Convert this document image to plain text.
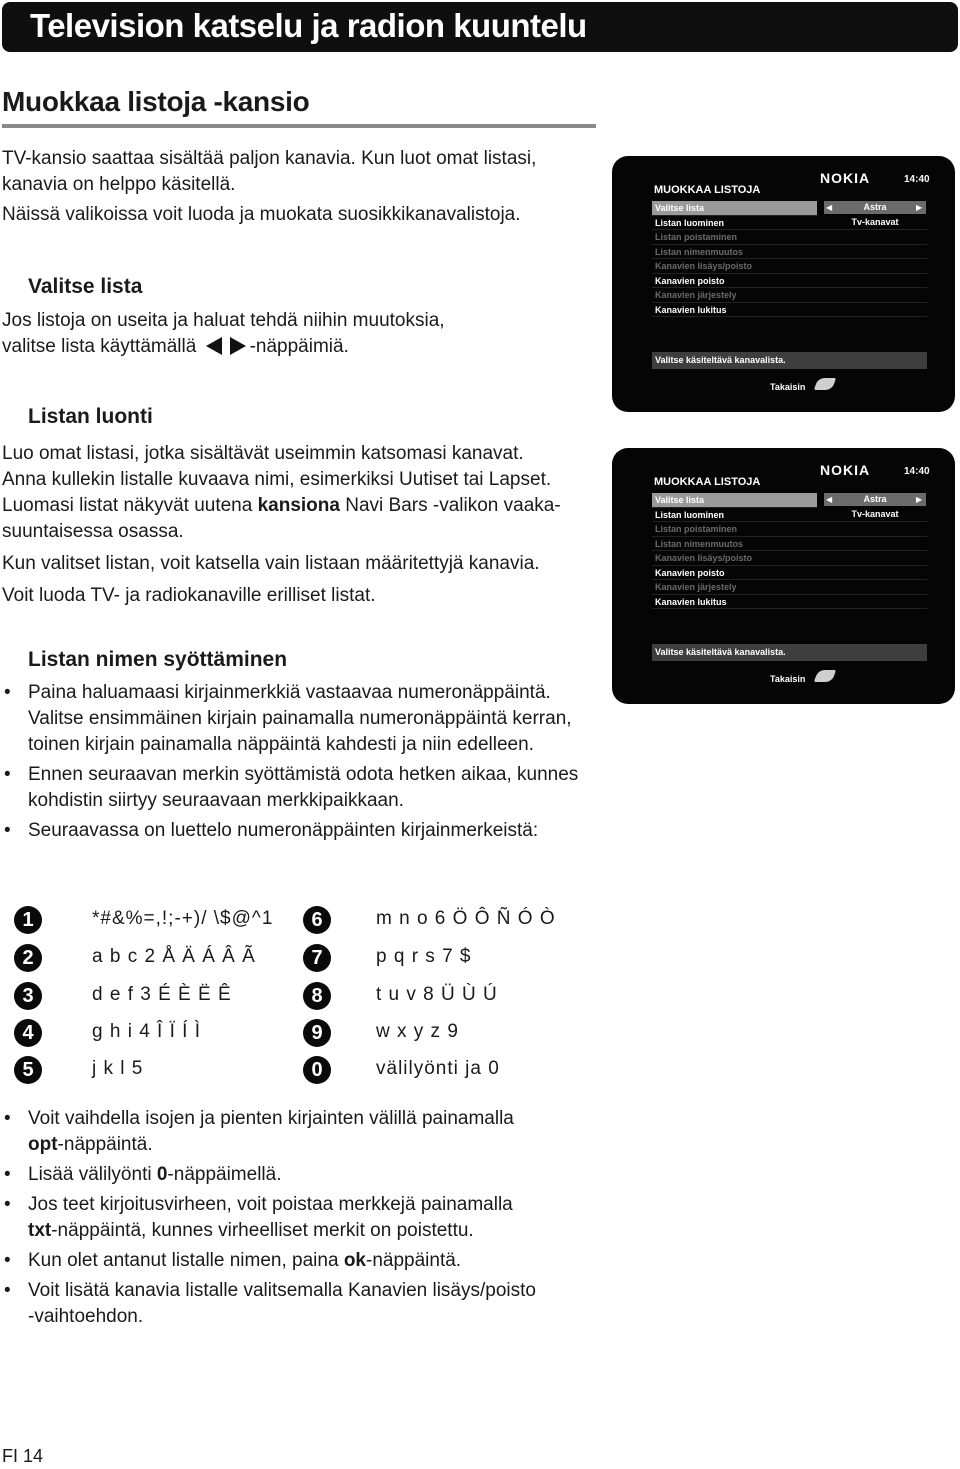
Television katselu ja radion kuuntelu
Muokkaa listoja -kansio
TV-kansio saattaa sisältää paljon kanavia. Kun luot omat listasi,
kanavia on helppo käsitellä.
Näissä valikoissa voit luoda ja muokata suosikkikanavalistoja.
Valitse lista
Jos listoja on useita ja haluat tehdä niihin muutoksia,
valitse lista käyttämällä	-näppäimiä.
Listan luonti
Luo omat listasi, jotka sisältävät useimmin katsomasi kanavat.
Anna kullekin listalle kuvaava nimi, esimerkiksi Uutiset tai Lapset.
Luomasi listat näkyvät uutena kansiona Navi Bars -valikon vaaka-
suuntaisessa osassa.
Kun valitset listan, voit katsella vain listaan määritettyjä kanavia.
Voit luoda TV- ja radiokanaville erilliset listat.
MUOKKAA LISTOJA
NOKIA	14:40
Valitse lista
Listan luominen
Listan poistaminen
Listan nimenmuutos
Kanavien lisäys/poisto
Kanavien poisto
Kanavien järjestely
Kanavien lukitus
Astra
◀	▶
Tv-kanavat
Valitse käsiteltävä kanavalista.
Takaisin
MUOKKAA LISTOJA
NOKIA	14:40
Valitse lista
Listan luominen
Listan poistaminen
Listan nimenmuutos
Kanavien lisäys/poisto
Kanavien poisto
Kanavien järjestely
Kanavien lukitus
Astra
◀	▶
Tv-kanavat
Valitse käsiteltävä kanavalista.
Takaisin
Listan nimen syöttäminen
• Paina haluamaasi kirjainmerkkiä vastaavaa numeronäppäintä. Valitse ensimmäinen kirjain painamalla numeronäppäintä kerran, toinen kirjain painamalla näppäintä kahdesti ja niin edelleen.
• Ennen seuraavan merkin syöttämistä odota hetken aikaa, kunnes kohdistin siirtyy seuraavaan merkkipaikkaan.
• Seuraavassa on luettelo numeronäppäinten kirjainmerkeistä:
1	*#&%=,!;-+)/ \$@^1
2	a b c 2 Å Ä Á Â Ã
3	d e f 3 É È Ë Ê
4	g h i 4 Î Ï Í Ì
5	j k l 5
6	m n o 6 Ö Ô Ñ Ó Ò
7	p q r s 7 $
8	t u v 8 Ü Ù Ú
9	w x y z 9
0	välilyönti ja 0
• Voit vaihdella isojen ja pienten kirjainten välillä painamalla
opt-näppäintä.
• Lisää välilyönti 0-näppäimellä.
• Jos teet kirjoitusvirheen, voit poistaa merkkejä painamalla
txt-näppäintä, kunnes virheelliset merkit on poistettu.
• Kun olet antanut listalle nimen, paina ok-näppäintä.
• Voit lisätä kanavia listalle valitsemalla Kanavien lisäys/poisto
-vaihtoehdon.
FI 14
